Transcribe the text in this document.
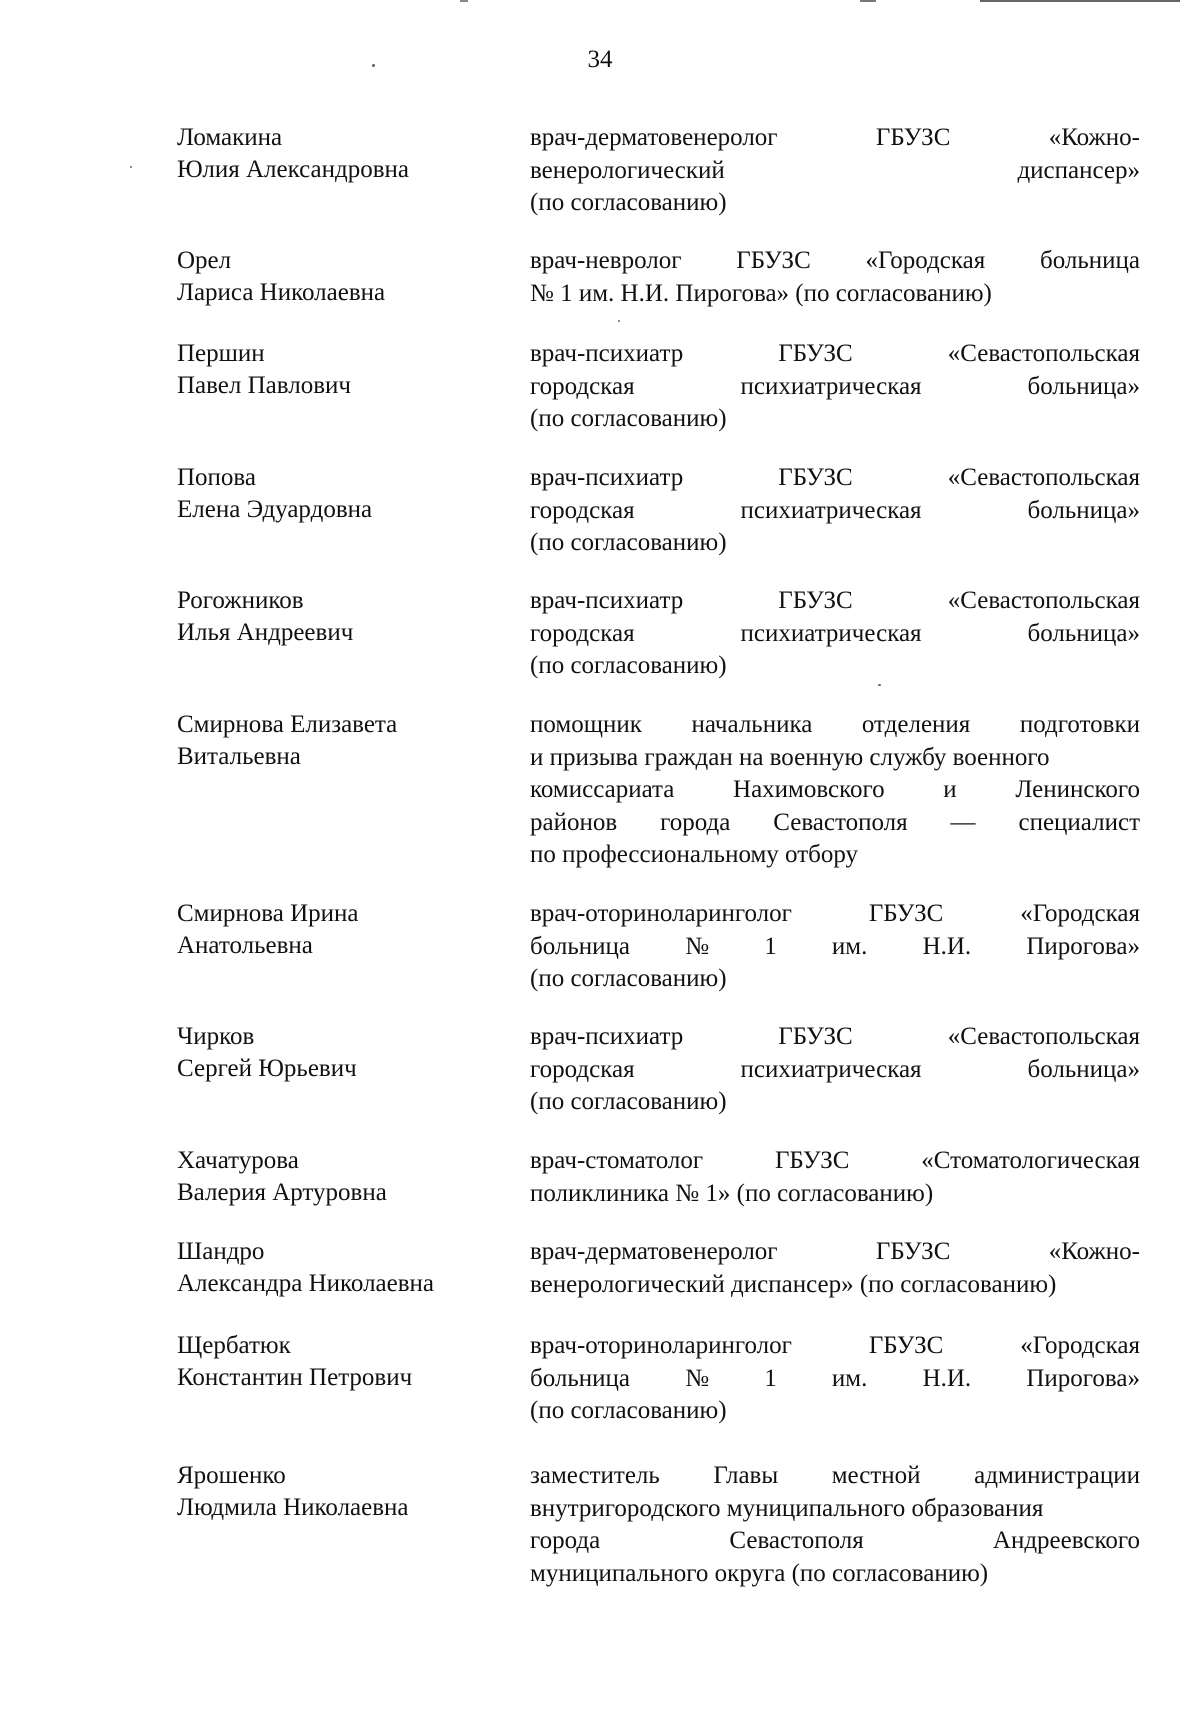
34
Ломакина
Юлия Александровна
врач-дерматовенеролог	ГБУЗС	«Кожно-
венерологический	диспансер»
(по согласованию)
Орел
Лариса Николаевна
врач-невролог ГБУЗС «Городская больница
№ 1 им. Н.И. Пирогова» (по согласованию)
Першин
Павел Павлович
врач-психиатр	ГБУЗС	«Севастопольская
городская	психиатрическая	больница»
(по согласованию)
Попова
Елена Эдуардовна
врач-психиатр	ГБУЗС	«Севастопольская
городская	психиатрическая	больница»
(по согласованию)
Рогожников
Илья Андреевич
врач-психиатр	ГБУЗС	«Севастопольская
городская	психиатрическая	больница»
(по согласованию)
Смирнова Елизавета
Витальевна
помощник начальника отделения подготовки
и призыва граждан на военную службу военного
комиссариата Нахимовского и Ленинского
районов города Севастополя — специалист
по профессиональному отбору
Смирнова Ирина
Анатольевна
врач-оториноларинголог	ГБУЗС	«Городская
больница № 1 им. Н.И. Пирогова»
(по согласованию)
Чирков
Сергей Юрьевич
врач-психиатр	ГБУЗС	«Севастопольская
городская	психиатрическая	больница»
(по согласованию)
Хачатурова
Валерия Артуровна
врач-стоматолог	ГБУЗС	«Стоматологическая
поликлиника № 1» (по согласованию)
Шандро
Александра Николаевна
врач-дерматовенеролог	ГБУЗС	«Кожно-
венерологический диспансер» (по согласованию)
Щербатюк
Константин Петрович
врач-оториноларинголог	ГБУЗС	«Городская
больница № 1 им. Н.И. Пирогова»
(по согласованию)
Ярошенко
Людмила Николаевна
заместитель Главы местной администрации
внутригородского муниципального образования
города	Севастополя	Андреевского
муниципального округа (по согласованию)
